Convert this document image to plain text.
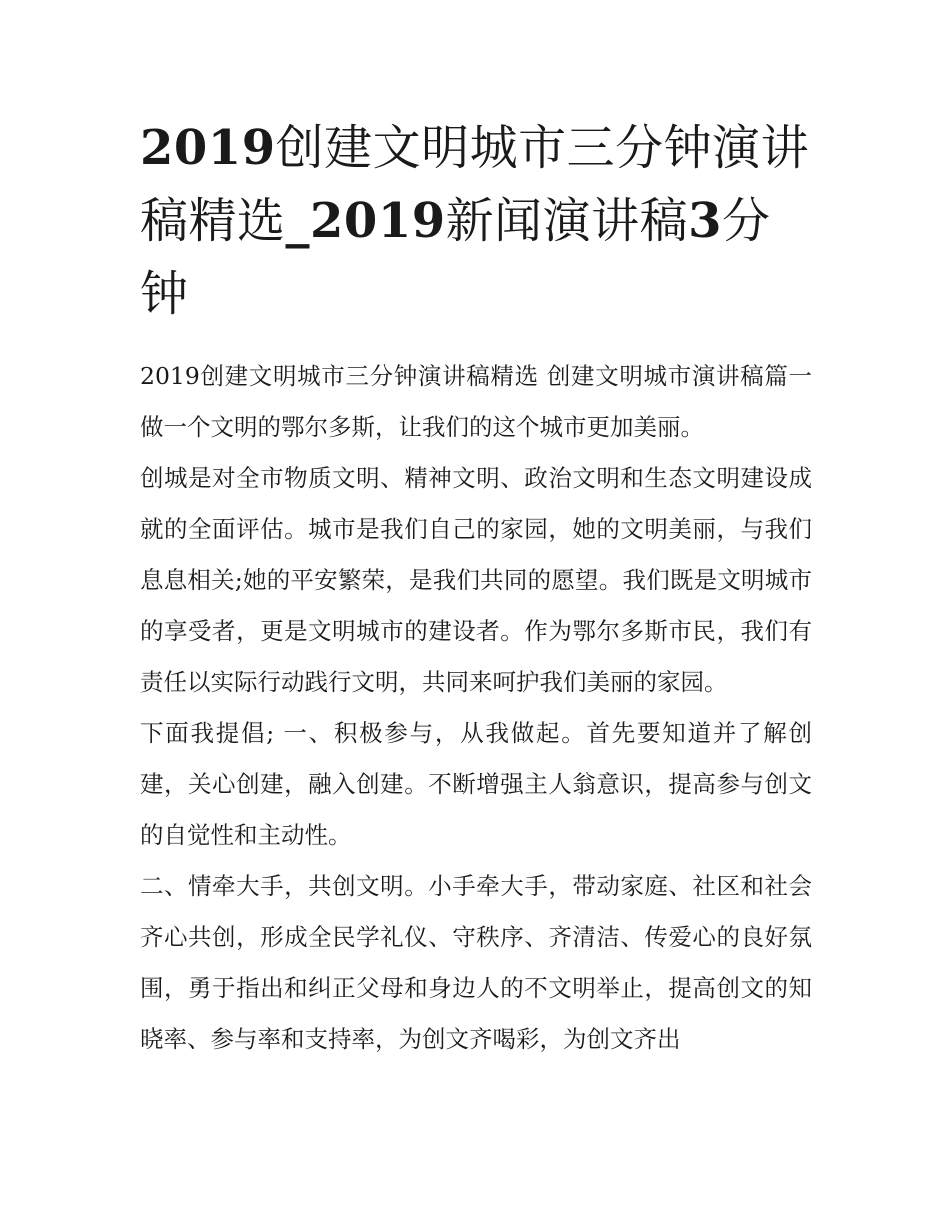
2019创建文明城市三分钟演讲稿精选_2019新闻演讲稿3分钟

2019创建文明城市三分钟演讲稿精选 创建文明城市演讲稿篇一 做一个文明的鄂尔多斯，让我们的这个城市更加美丽。

创城是对全市物质文明、精神文明、政治文明和生态文明建设成就的全面评估。城市是我们自己的家园，她的文明美丽，与我们息息相关;她的平安繁荣，是我们共同的愿望。我们既是文明城市的享受者，更是文明城市的建设者。作为鄂尔多斯市民，我们有责任以实际行动践行文明，共同来呵护我们美丽的家园。

下面我提倡; 一、积极参与，从我做起。首先要知道并了解创建，关心创建，融入创建。不断增强主人翁意识，提高参与创文的自觉性和主动性。

二、情牵大手，共创文明。小手牵大手，带动家庭、社区和社会齐心共创，形成全民学礼仪、守秩序、齐清洁、传爱心的良好氛围，勇于指出和纠正父母和身边人的不文明举止，提高创文的知晓率、参与率和支持率，为创文齐喝彩，为创文齐出
